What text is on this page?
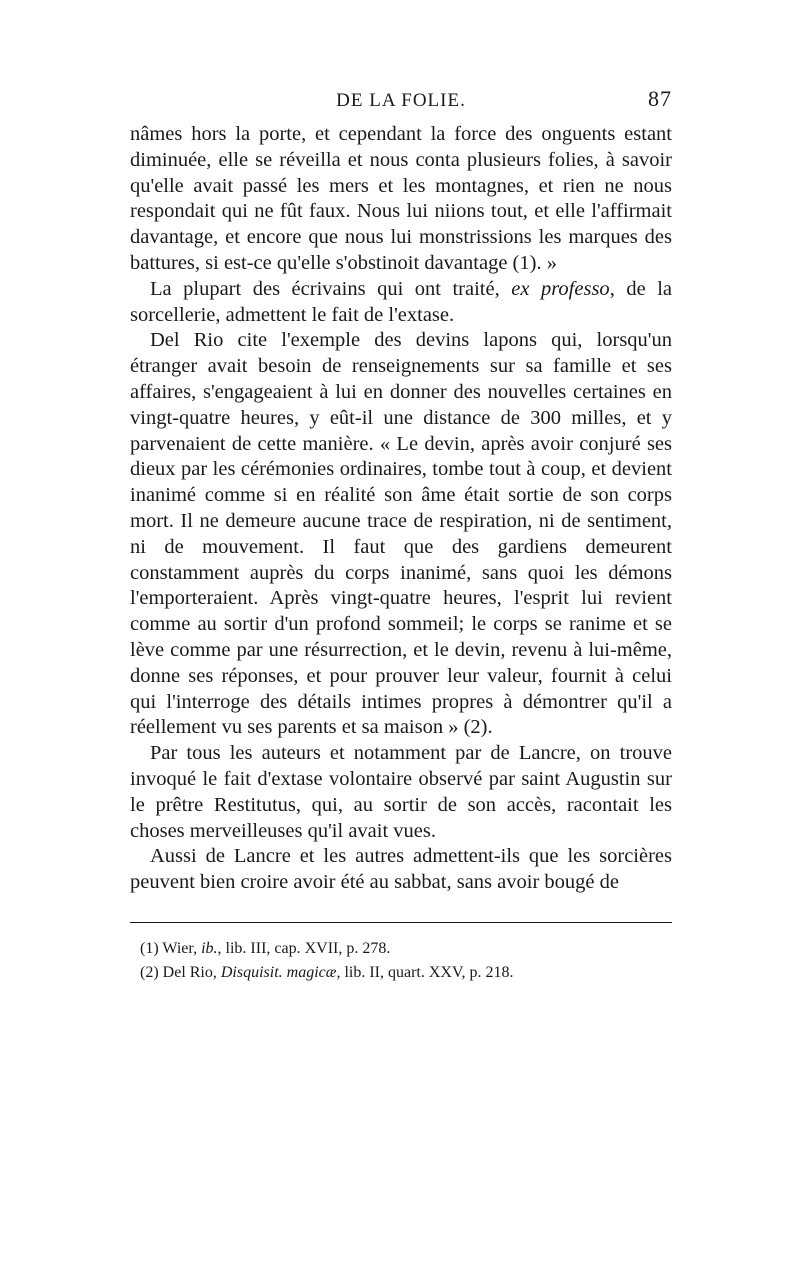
DE LA FOLIE.	87

nâmes hors la porte, et cependant la force des onguents estant diminuée, elle se réveilla et nous conta plusieurs folies, à savoir qu'elle avait passé les mers et les montagnes, et rien ne nous respondait qui ne fût faux. Nous lui niions tout, et elle l'affirmait davantage, et encore que nous lui monstrissions les marques des battures, si est-ce qu'elle s'obstinoit davantage (1). »

La plupart des écrivains qui ont traité, ex professo, de la sorcellerie, admettent le fait de l'extase.

Del Rio cite l'exemple des devins lapons qui, lorsqu'un étranger avait besoin de renseignements sur sa famille et ses affaires, s'engageaient à lui en donner des nouvelles certaines en vingt-quatre heures, y eût-il une distance de 300 milles, et y parvenaient de cette manière. « Le devin, après avoir conjuré ses dieux par les cérémonies ordinaires, tombe tout à coup, et devient inanimé comme si en réalité son âme était sortie de son corps mort. Il ne demeure aucune trace de respiration, ni de sentiment, ni de mouvement. Il faut que des gardiens demeurent constamment auprès du corps inanimé, sans quoi les démons l'emporteraient. Après vingt-quatre heures, l'esprit lui revient comme au sortir d'un profond sommeil; le corps se ranime et se lève comme par une résurrection, et le devin, revenu à lui-même, donne ses réponses, et pour prouver leur valeur, fournit à celui qui l'interroge des détails intimes propres à démontrer qu'il a réellement vu ses parents et sa maison » (2).

Par tous les auteurs et notamment par de Lancre, on trouve invoqué le fait d'extase volontaire observé par saint Augustin sur le prêtre Restitutus, qui, au sortir de son accès, racontait les choses merveilleuses qu'il avait vues.

Aussi de Lancre et les autres admettent-ils que les sorcières peuvent bien croire avoir été au sabbat, sans avoir bougé de

(1) Wier, ib., lib. III, cap. XVII, p. 278.

(2) Del Rio, Disquisit. magicæ, lib. II, quart. XXV, p. 218.
